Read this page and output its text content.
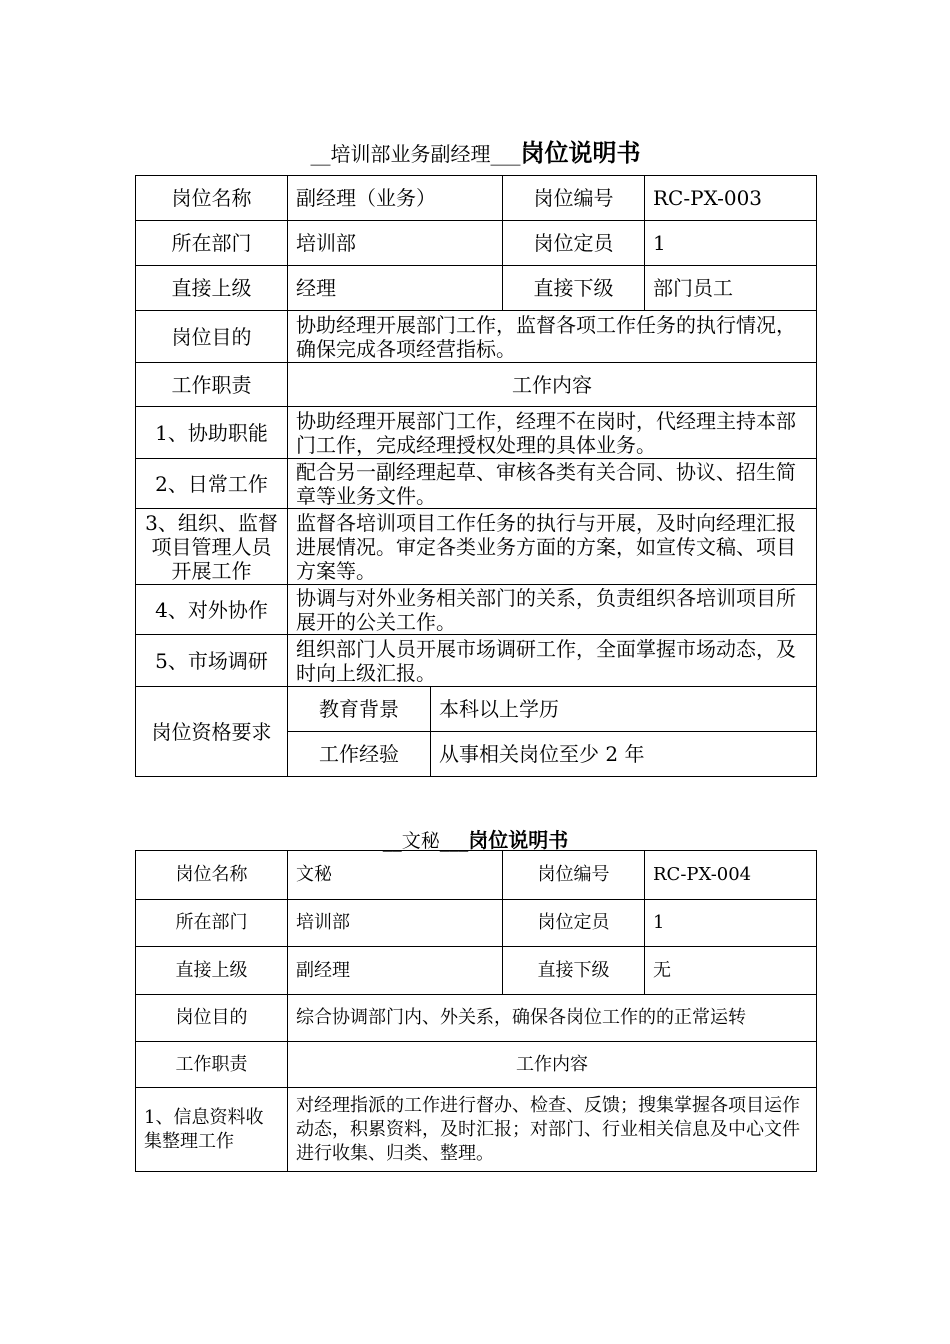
__培训部业务副经理___岗位说明书
岗位名称	副经理（业务）		岗位编号	RC-PX-003
所在部门	培训部		岗位定员	1
直接上级	经理		直接下级	部门员工
岗位目的	协助经理开展部门工作，监督各项工作任务的执行情况，确保完成各项经营指标。			
工作职责	工作内容			
1、协助职能	协助经理开展部门工作，经理不在岗时，代经理主持本部门工作，完成经理授权处理的具体业务。			
2、日常工作	配合另一副经理起草、审核各类有关合同、协议、招生简章等业务文件。			
3、组织、监督项目管理人员开展工作	监督各培训项目工作任务的执行与开展，及时向经理汇报进展情况。审定各类业务方面的方案，如宣传文稿、项目方案等。			
4、对外协作	协调与对外业务相关部门的关系，负责组织各培训项目所展开的公关工作。			
5、市场调研	组织部门人员开展市场调研工作，全面掌握市场动态，及时向上级汇报。			
岗位资格要求	教育背景	本科以上学历		
	工作经验	从事相关岗位至少 2 年		
__文秘___岗位说明书
岗位名称	文秘	岗位编号	RC-PX-004
所在部门	培训部	岗位定员	1
直接上级	副经理	直接下级	无
岗位目的	综合协调部门内、外关系，确保各岗位工作的的正常运转		
工作职责	工作内容		
1、信息资料收集整理工作	对经理指派的工作进行督办、检查、反馈；搜集掌握各项目运作动态，积累资料，及时汇报；对部门、行业相关信息及中心文件进行收集、归类、整理。		
